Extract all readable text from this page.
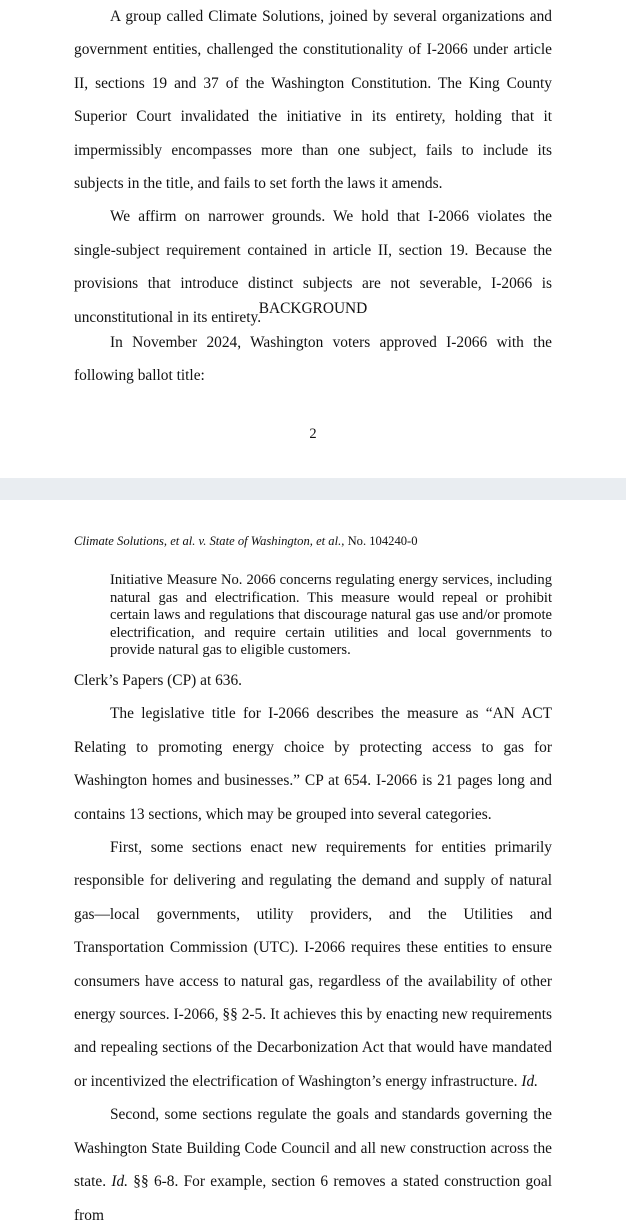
A group called Climate Solutions, joined by several organizations and government entities, challenged the constitutionality of I-2066 under article II, sections 19 and 37 of the Washington Constitution. The King County Superior Court invalidated the initiative in its entirety, holding that it impermissibly encompasses more than one subject, fails to include its subjects in the title, and fails to set forth the laws it amends.

We affirm on narrower grounds. We hold that I-2066 violates the single-subject requirement contained in article II, section 19. Because the provisions that introduce distinct subjects are not severable, I-2066 is unconstitutional in its entirety.

BACKGROUND

In November 2024, Washington voters approved I-2066 with the following ballot title:

2
Climate Solutions, et al. v. State of Washington, et al., No. 104240-0

Initiative Measure No. 2066 concerns regulating energy services, including natural gas and electrification. This measure would repeal or prohibit certain laws and regulations that discourage natural gas use and/or promote electrification, and require certain utilities and local governments to provide natural gas to eligible customers.

Clerk’s Papers (CP) at 636.

The legislative title for I-2066 describes the measure as “AN ACT Relating to promoting energy choice by protecting access to gas for Washington homes and businesses.” CP at 654. I-2066 is 21 pages long and contains 13 sections, which may be grouped into several categories.

First, some sections enact new requirements for entities primarily responsible for delivering and regulating the demand and supply of natural gas—local governments, utility providers, and the Utilities and Transportation Commission (UTC). I-2066 requires these entities to ensure consumers have access to natural gas, regardless of the availability of other energy sources. I-2066, §§ 2-5. It achieves this by enacting new requirements and repealing sections of the Decarbonization Act that would have mandated or incentivized the electrification of Washington’s energy infrastructure. Id.

Second, some sections regulate the goals and standards governing the Washington State Building Code Council and all new construction across the state. Id. §§ 6-8. For example, section 6 removes a stated construction goal from
